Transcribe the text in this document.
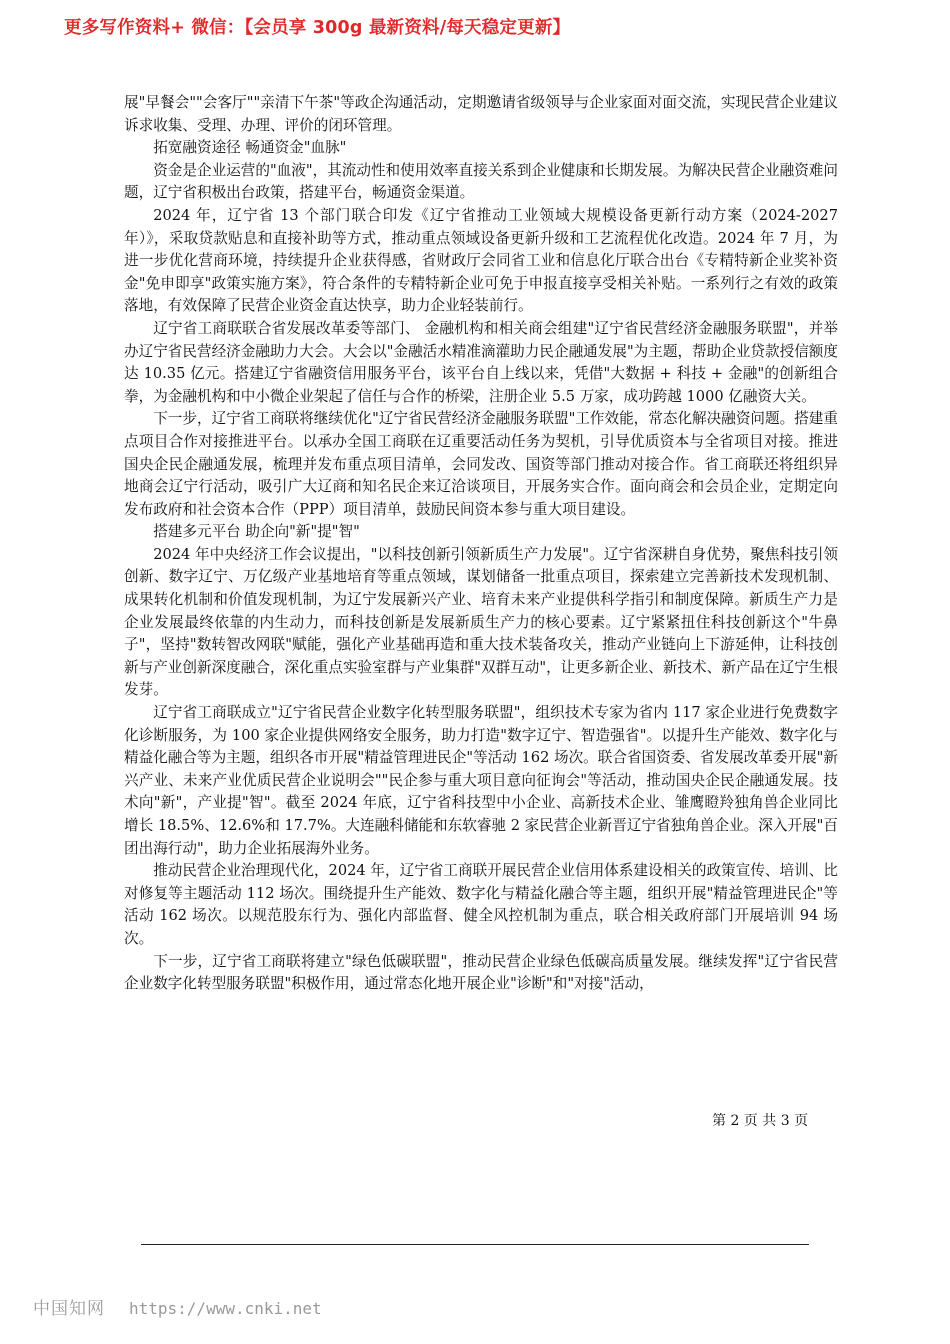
更多写作资料+ 微信：【会员享 300g 最新资料/每天稳定更新】

展"早餐会""会客厅""亲清下午茶"等政企沟通活动，定期邀请省级领导与企业家面对面交流，实现民营企业建议诉求收集、受理、办理、评价的闭环管理。

拓宽融资途径 畅通资金"血脉"

资金是企业运营的"血液"，其流动性和使用效率直接关系到企业健康和长期发展。为解决民营企业融资难问题，辽宁省积极出台政策，搭建平台，畅通资金渠道。

2024 年，辽宁省 13 个部门联合印发《辽宁省推动工业领域大规模设备更新行动方案（2024-2027 年）》，采取贷款贴息和直接补助等方式，推动重点领域设备更新升级和工艺流程优化改造。2024 年 7 月，为进一步优化营商环境，持续提升企业获得感，省财政厅会同省工业和信息化厅联合出台《专精特新企业奖补资金"免申即享"政策实施方案》，符合条件的专精特新企业可免于申报直接享受相关补贴。一系列行之有效的政策落地，有效保障了民营企业资金直达快享，助力企业轻装前行。

辽宁省工商联联合省发展改革委等部门、 金融机构和相关商会组建"辽宁省民营经济金融服务联盟"，并举办辽宁省民营经济金融助力大会。大会以"金融活水精准滴灌助力民企融通发展"为主题，帮助企业贷款授信额度达 10.35 亿元。搭建辽宁省融资信用服务平台，该平台自上线以来，凭借"大数据 + 科技 + 金融"的创新组合拳，为金融机构和中小微企业架起了信任与合作的桥梁，注册企业 5.5 万家，成功跨越 1000 亿融资大关。

下一步，辽宁省工商联将继续优化"辽宁省民营经济金融服务联盟"工作效能，常态化解决融资问题。搭建重点项目合作对接推进平台。以承办全国工商联在辽重要活动任务为契机，引导优质资本与全省项目对接。推进国央企民企融通发展，梳理并发布重点项目清单，会同发改、国资等部门推动对接合作。省工商联还将组织异地商会辽宁行活动，吸引广大辽商和知名民企来辽洽谈项目，开展务实合作。面向商会和会员企业，定期定向发布政府和社会资本合作（PPP）项目清单，鼓励民间资本参与重大项目建设。

搭建多元平台 助企向"新"提"智"

2024 年中央经济工作会议提出，"以科技创新引领新质生产力发展"。辽宁省深耕自身优势，聚焦科技引领创新、数字辽宁、万亿级产业基地培育等重点领域，谋划储备一批重点项目，探索建立完善新技术发现机制、成果转化机制和价值发现机制，为辽宁发展新兴产业、培育未来产业提供科学指引和制度保障。新质生产力是企业发展最终依靠的内生动力，而科技创新是发展新质生产力的核心要素。辽宁紧紧扭住科技创新这个"牛鼻子"，坚持"数转智改网联"赋能，强化产业基础再造和重大技术装备攻关，推动产业链向上下游延伸，让科技创新与产业创新深度融合，深化重点实验室群与产业集群"双群互动"，让更多新企业、新技术、新产品在辽宁生根发芽。

辽宁省工商联成立"辽宁省民营企业数字化转型服务联盟"，组织技术专家为省内 117 家企业进行免费数字化诊断服务，为 100 家企业提供网络安全服务，助力打造"数字辽宁、智造强省"。以提升生产能效、数字化与精益化融合等为主题，组织各市开展"精益管理进民企"等活动 162 场次。联合省国资委、省发展改革委开展"新兴产业、未来产业优质民营企业说明会""民企参与重大项目意向征询会"等活动，推动国央企民企融通发展。技术向"新"，产业提"智"。截至 2024 年底，辽宁省科技型中小企业、高新技术企业、雏鹰瞪羚独角兽企业同比增长 18.5%、12.6%和 17.7%。大连融科储能和东软睿驰 2 家民营企业新晋辽宁省独角兽企业。深入开展"百团出海行动"，助力企业拓展海外业务。

推动民营企业治理现代化，2024 年，辽宁省工商联开展民营企业信用体系建设相关的政策宣传、培训、比对修复等主题活动 112 场次。围绕提升生产能效、数字化与精益化融合等主题，组织开展"精益管理进民企"等活动 162 场次。以规范股东行为、强化内部监督、健全风控机制为重点，联合相关政府部门开展培训 94 场次。

下一步，辽宁省工商联将建立"绿色低碳联盟"，推动民营企业绿色低碳高质量发展。继续发挥"辽宁省民营企业数字化转型服务联盟"积极作用，通过常态化地开展企业"诊断"和"对接"活动，

第 2 页 共 3 页
中国知网 https://www.cnki.net
